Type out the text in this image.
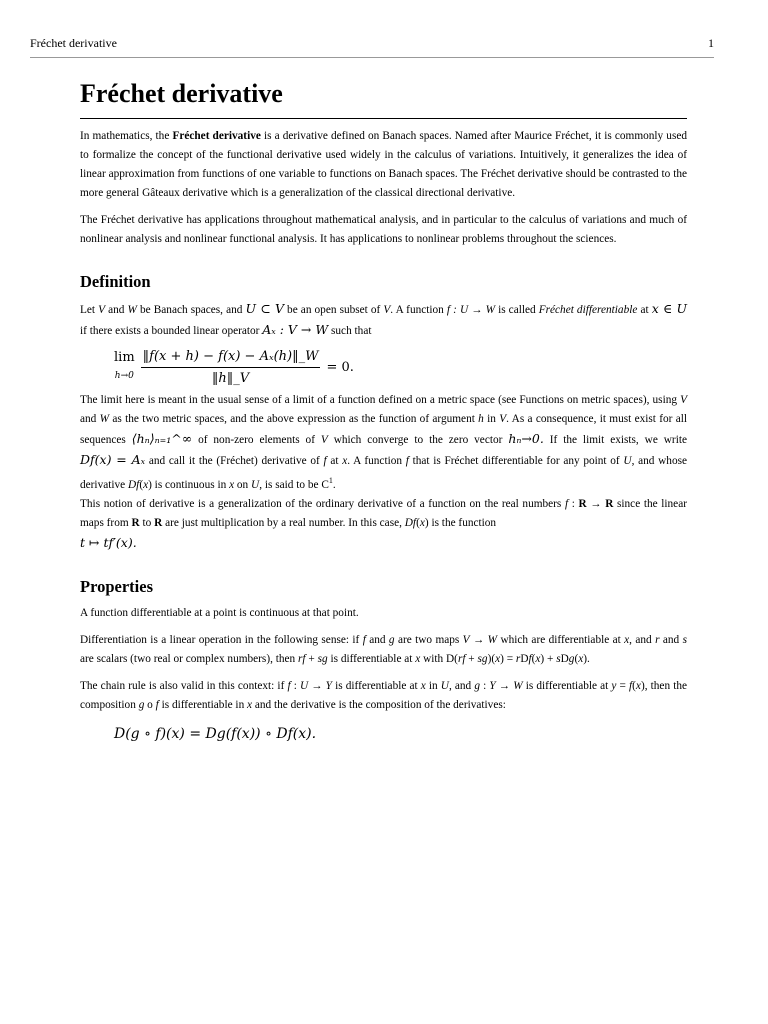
Fréchet derivative	1
Fréchet derivative

In mathematics, the Fréchet derivative is a derivative defined on Banach spaces. Named after Maurice Fréchet, it is commonly used to formalize the concept of the functional derivative used widely in the calculus of variations. Intuitively, it generalizes the idea of linear approximation from functions of one variable to functions on Banach spaces. The Fréchet derivative should be contrasted to the more general Gâteaux derivative which is a generalization of the classical directional derivative.

The Fréchet derivative has applications throughout mathematical analysis, and in particular to the calculus of variations and much of nonlinear analysis and nonlinear functional analysis. It has applications to nonlinear problems throughout the sciences.

Definition

Let V and W be Banach spaces, and U ⊂ V be an open subset of V. A function f : U → W is called Fréchet differentiable at x ∈ U if there exists a bounded linear operator Aₓ : V → W such that

lim
$h\to 0 \frac{\text{‖f(x + h) − f(x) − Aₓ(h)‖\_W}}{‖h‖\_V} = 0$.

The limit here is meant in the usual sense of a limit of a function defined on a metric space (see Functions on metric spaces), using V and W as the two metric spaces, and the above expression as the function of argument h in V. As a consequence, it must exist for all sequences ⟨hₙ⟩ₙ₌₁^∞ of non-zero elements of V which converge to the zero vector hₙ→0. If the limit exists, we write Df(x) = Aₓ and call it the (Fréchet) derivative of f at x. A function f that is Fréchet differentiable for any point of U, and whose derivative Df(x) is continuous in x on U, is said to be $C^1$.
This notion of derivative is a generalization of the ordinary derivative of a function on the real numbers f : R → R since the linear maps from R to R are just multiplication by a real number. In this case, Df(x) is the function
t ↦ tf′(x).

Properties

A function differentiable at a point is continuous at that point.

Differentiation is a linear operation in the following sense: if f and g are two maps V → W which are differentiable at x, and r and s are scalars (two real or complex numbers), then rf + sg is differentiable at x with D(rf + sg)(x) = rDf(x) + sDg(x).

The chain rule is also valid in this context: if f : U → Y is differentiable at x in U, and g : Y → W is differentiable at y = f(x), then the composition g o f is differentiable in x and the derivative is the composition of the derivatives:

D(g ∘ f)(x) = Dg(f(x)) ∘ Df(x).
